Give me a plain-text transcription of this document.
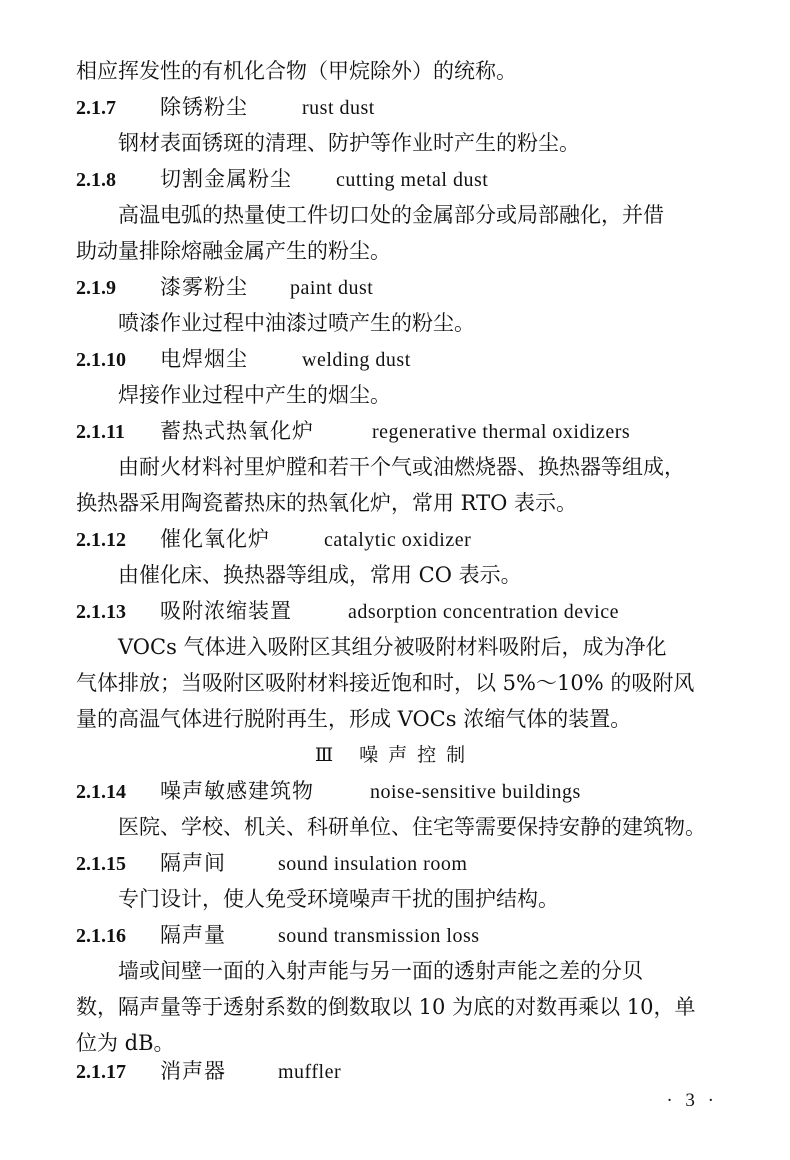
相应挥发性的有机化合物（甲烷除外）的统称。
2.1.7 除锈粉尘	rust dust
钢材表面锈斑的清理、防护等作业时产生的粉尘。
2.1.8 切割金属粉尘 cutting metal dust
高温电弧的热量使工件切口处的金属部分或局部融化，并借
助动量排除熔融金属产生的粉尘。
2.1.9 漆雾粉尘 paint dust
喷漆作业过程中油漆过喷产生的粉尘。
2.1.10 电焊烟尘	welding dust
焊接作业过程中产生的烟尘。
2.1.11 蓄热式热氧化炉	regenerative thermal oxidizers
由耐火材料衬里炉膛和若干个气或油燃烧器、换热器等组成，
换热器采用陶瓷蓄热床的热氧化炉，常用 RTO 表示。
2.1.12 催化氧化炉	catalytic oxidizer
由催化床、换热器等组成，常用 CO 表示。
2.1.13 吸附浓缩装置	adsorption concentration device
VOCs 气体进入吸附区其组分被吸附材料吸附后，成为净化
气体排放；当吸附区吸附材料接近饱和时，以 5%～10% 的吸附风
量的高温气体进行脱附再生，形成 VOCs 浓缩气体的装置。
Ⅲ 噪声控制
2.1.14 噪声敏感建筑物	noise-sensitive buildings
医院、学校、机关、科研单位、住宅等需要保持安静的建筑物。
2.1.15 隔声间	sound insulation room
专门设计，使人免受环境噪声干扰的围护结构。
2.1.16 隔声量	sound transmission loss
墙或间壁一面的入射声能与另一面的透射声能之差的分贝
数，隔声量等于透射系数的倒数取以 10 为底的对数再乘以 10，单
位为 dB。
2.1.17 消声器	muffler
· 3 ·
